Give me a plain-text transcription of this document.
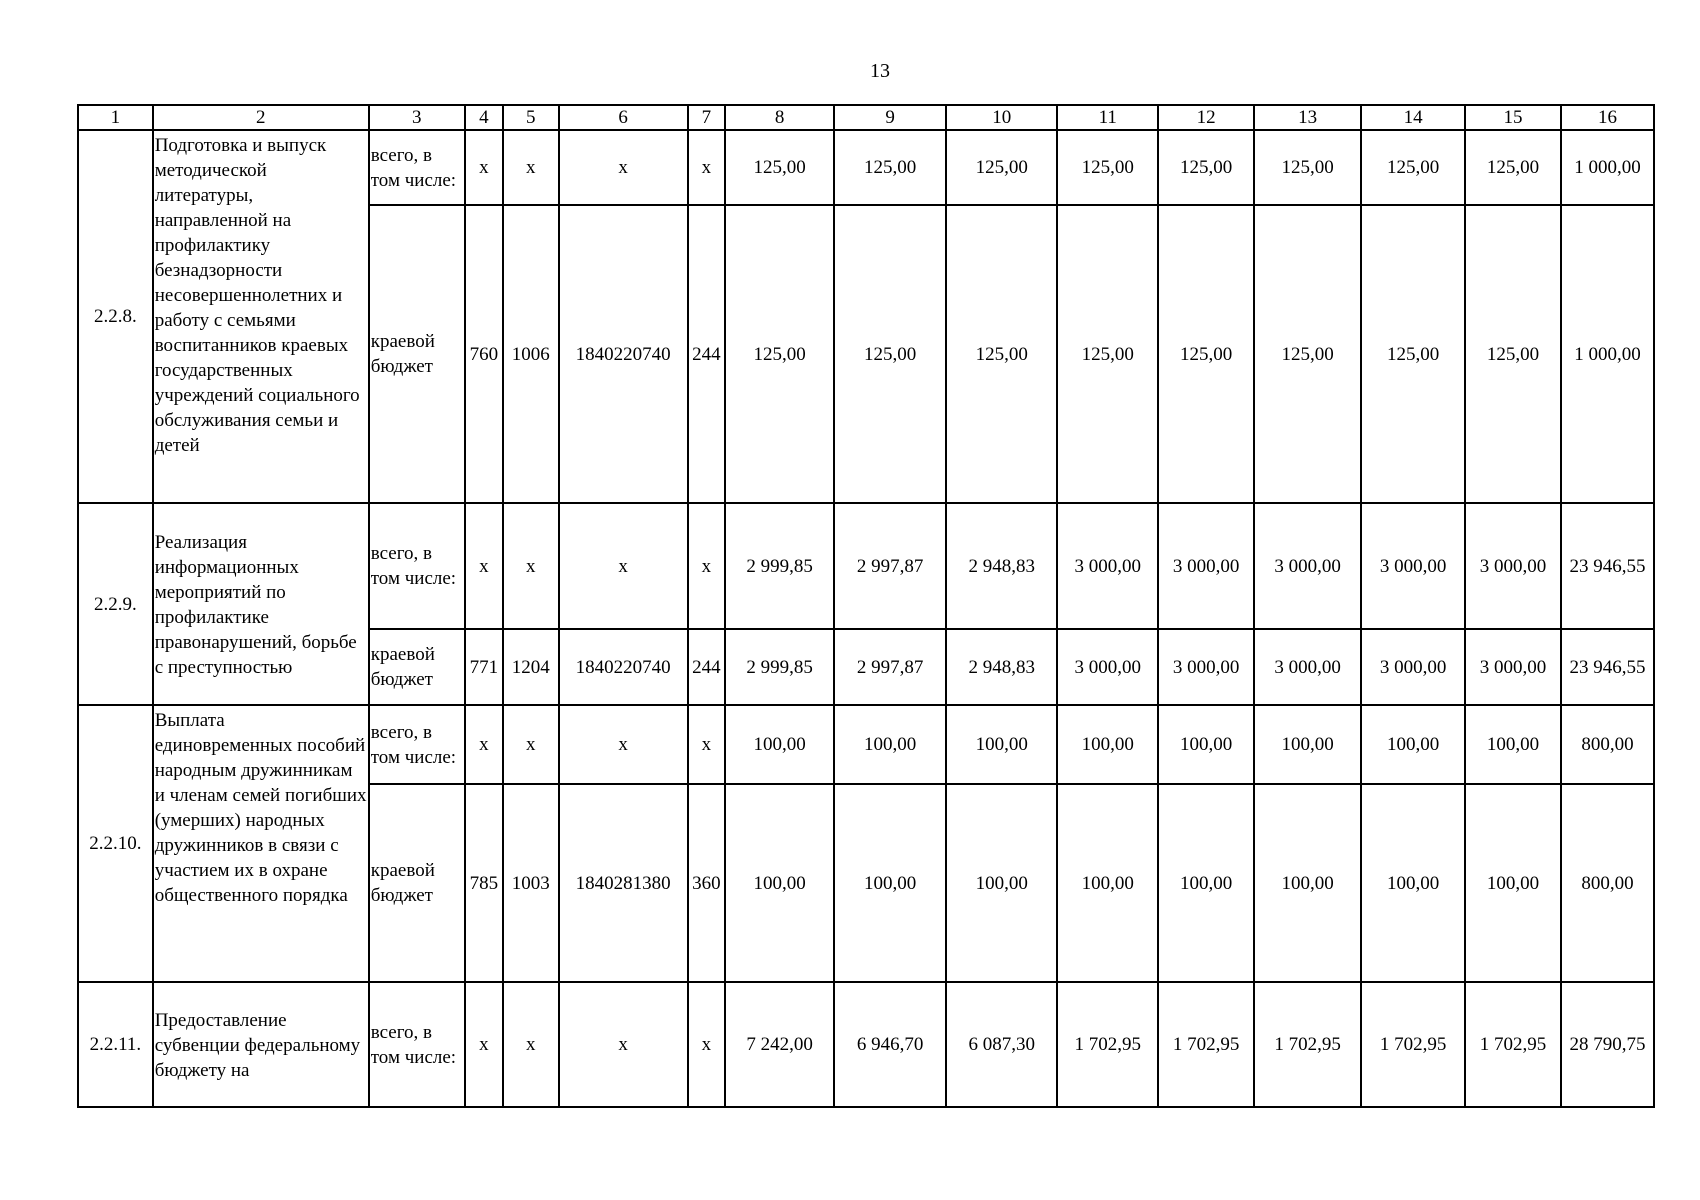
13
1	2	3	4	5	6	7	8	9	10	11	12	13	14	15	16
2.2.8.	Подготовка и выпуск методической литературы, направленной на профилактику безнадзорности несовершеннолетних и работу с семьями воспитанников краевых государственных учреждений социального обслуживания семьи и детей	всего, в том числе:	x	x	x	x	125,00	125,00	125,00	125,00	125,00	125,00	125,00	125,00	1 000,00
		краевой бюджет	760	1006	1840220740	244	125,00	125,00	125,00	125,00	125,00	125,00	125,00	125,00	1 000,00
2.2.9.	Реализация информационных мероприятий по профилактике правонарушений, борьбе с преступностью	всего, в том числе:	x	x	x	x	2 999,85	2 997,87	2 948,83	3 000,00	3 000,00	3 000,00	3 000,00	3 000,00	23 946,55
		краевой бюджет	771	1204	1840220740	244	2 999,85	2 997,87	2 948,83	3 000,00	3 000,00	3 000,00	3 000,00	3 000,00	23 946,55
2.2.10.	Выплата единовременных пособий народным дружинникам и членам семей погибших (умерших) народных дружинников в связи с участием их в охране общественного порядка	всего, в том числе:	x	x	x	x	100,00	100,00	100,00	100,00	100,00	100,00	100,00	100,00	800,00
		краевой бюджет	785	1003	1840281380	360	100,00	100,00	100,00	100,00	100,00	100,00	100,00	100,00	800,00
2.2.11.	Предоставление субвенции федеральному бюджету на	всего, в том числе:	x	x	x	x	7 242,00	6 946,70	6 087,30	1 702,95	1 702,95	1 702,95	1 702,95	1 702,95	28 790,75
